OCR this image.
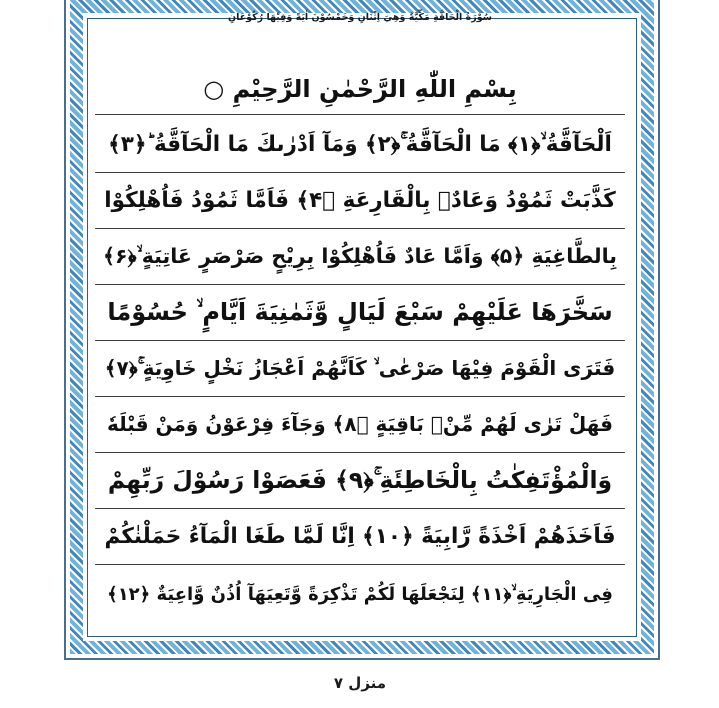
سُوْرَةُ الْحَاقَّةِ مَكِّيَّةٌ وَهِيَ اِثْنَانِ وَخَمْسُوْنَ اٰيَةً وَفِيْهَا رُكُوْعَانِ
بِسْمِ اللّٰهِ الرَّحْمٰنِ الرَّحِيْمِ ○
اَلْحَآقَّةُ ۙ﴿۱﴾ مَا الْحَآقَّةُ ۚ﴿۲﴾ وَمَآ اَدْرٰىكَ مَا الْحَآقَّةُ ؕ﴿۳﴾
كَذَّبَتْ ثَمُوْدُ وَعَادٌۢ بِالْقَارِعَةِ ﴿۴﴾ فَاَمَّا ثَمُوْدُ فَاُهْلِكُوْا
بِالطَّاغِيَةِ ﴿۵﴾ وَاَمَّا عَادٌ فَاُهْلِكُوْا بِرِيْحٍ صَرْصَرٍ عَاتِيَةٍ ۙ﴿۶﴾
سَخَّرَهَا عَلَيْهِمْ سَبْعَ لَيَالٍ وَّثَمٰنِيَةَ اَيَّامٍ ۙ حُسُوْمًا
فَتَرَى الْقَوْمَ فِيْهَا صَرْعٰى ۙ كَاَنَّهُمْ اَعْجَازُ نَخْلٍ خَاوِيَةٍ ۚ﴿۷﴾
فَهَلْ تَرٰى لَهُمْ مِّنْۢ بَاقِيَةٍ ﴿۸﴾ وَجَآءَ فِرْعَوْنُ وَمَنْ قَبْلَهٗ
وَالْمُؤْتَفِكٰتُ بِالْخَاطِئَةِ ۚ﴿۹﴾ فَعَصَوْا رَسُوْلَ رَبِّهِمْ
فَاَخَذَهُمْ اَخْذَةً رَّابِيَةً ﴿۱۰﴾ اِنَّا لَمَّا طَغَا الْمَآءُ حَمَلْنٰكُمْ
فِى الْجَارِيَةِ ۙ﴿۱۱﴾ لِنَجْعَلَهَا لَكُمْ تَذْكِرَةً وَّتَعِيَهَآ اُذُنٌ وَّاعِيَةٌ ﴿۱۲﴾
منزل ۷
